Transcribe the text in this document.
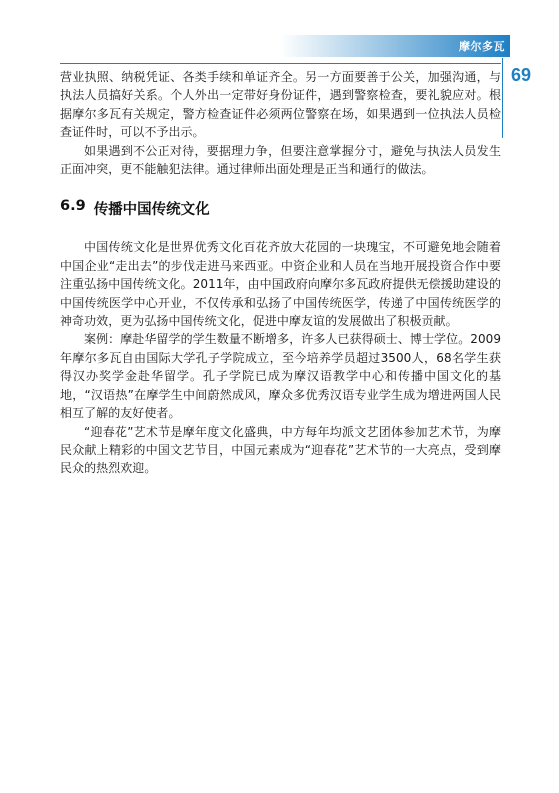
摩尔多瓦
69

营业执照、纳税凭证、各类手续和单证齐全。另一方面要善于公关，加强沟通，与执法人员搞好关系。个人外出一定带好身份证件，遇到警察检查，要礼貌应对。根据摩尔多瓦有关规定，警方检查证件必须两位警察在场，如果遇到一位执法人员检查证件时，可以不予出示。

如果遇到不公正对待，要据理力争，但要注意掌握分寸，避免与执法人员发生正面冲突，更不能触犯法律。通过律师出面处理是正当和通行的做法。

6.9 传播中国传统文化

中国传统文化是世界优秀文化百花齐放大花园的一块瑰宝，不可避免地会随着中国企业“走出去”的步伐走进马来西亚。中资企业和人员在当地开展投资合作中要注重弘扬中国传统文化。2011年，由中国政府向摩尔多瓦政府提供无偿援助建设的中国传统医学中心开业，不仅传承和弘扬了中国传统医学，传递了中国传统医学的神奇功效，更为弘扬中国传统文化，促进中摩友谊的发展做出了积极贡献。

案例：摩赴华留学的学生数量不断增多，许多人已获得硕士、博士学位。2009年摩尔多瓦自由国际大学孔子学院成立，至今培养学员超过3500人，68名学生获得汉办奖学金赴华留学。孔子学院已成为摩汉语教学中心和传播中国文化的基地，“汉语热”在摩学生中间蔚然成风，摩众多优秀汉语专业学生成为增进两国人民相互了解的友好使者。

“迎春花”艺术节是摩年度文化盛典，中方每年均派文艺团体参加艺术节，为摩民众献上精彩的中国文艺节目，中国元素成为“迎春花”艺术节的一大亮点，受到摩民众的热烈欢迎。
